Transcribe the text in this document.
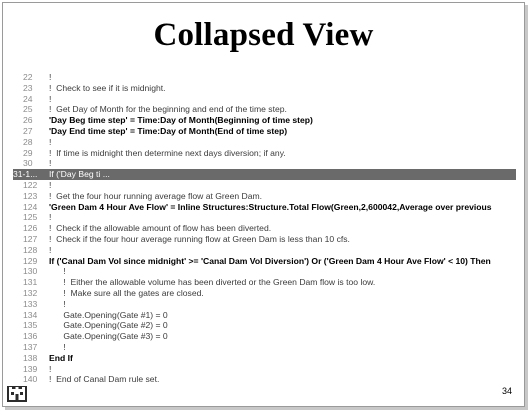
Collapsed View
22 !
23 !  Check to see if it is midnight.
24 !
25 !  Get Day of Month for the beginning and end of the time step.
26 'Day Beg time step' = Time:Day of Month(Beginning of time step)
27 'Day End time step' = Time:Day of Month(End of time step)
28 !
29 !  If time is midnight then determine next days diversion; if any.
30 !
31-1... If ('Day Beg ti ...
122 !
123 !  Get the four hour running average flow at Green Dam.
124 'Green Dam 4 Hour Ave Flow' = Inline Structures:Structure.Total Flow(Green,2,600042,Average over previous
125 !
126 !  Check if the allowable amount of flow has been diverted.
127 !  Check if the four hour average running flow at Green Dam is less than 10 cfs.
128 !
129 If ('Canal Dam Vol since midnight' >= 'Canal Dam Vol Diversion') Or ('Green Dam 4 Hour Ave Flow' < 10) Then
130      !
131      !  Either the allowable volume has been diverted or the Green Dam flow is too low.
132      !  Make sure all the gates are closed.
133      !
134      Gate.Opening(Gate #1) = 0
135      Gate.Opening(Gate #2) = 0
136      Gate.Opening(Gate #3) = 0
137      !
138 End If
139 !
140 !  End of Canal Dam rule set.
34
